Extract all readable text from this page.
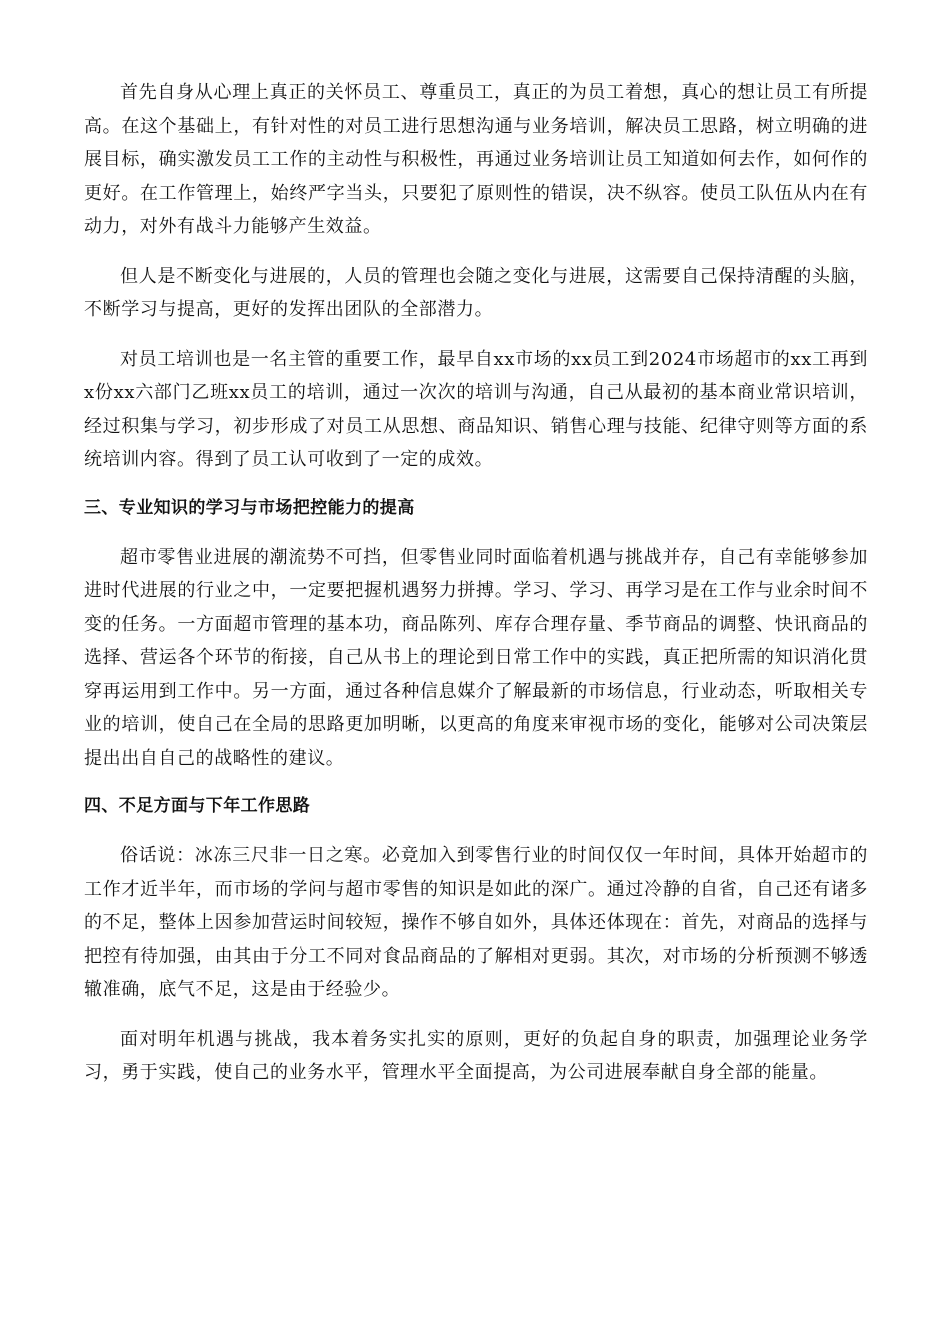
首先自身从心理上真正的关怀员工、尊重员工，真正的为员工着想，真心的想让员工有所提高。在这个基础上，有针对性的对员工进行思想沟通与业务培训，解决员工思路，树立明确的进展目标，确实激发员工工作的主动性与积极性，再通过业务培训让员工知道如何去作，如何作的更好。在工作管理上，始终严字当头，只要犯了原则性的错误，决不纵容。使员工队伍从内在有动力，对外有战斗力能够产生效益。

但人是不断变化与进展的，人员的管理也会随之变化与进展，这需要自己保持清醒的头脑，不断学习与提高，更好的发挥出团队的全部潜力。

对员工培训也是一名主管的重要工作，最早自xx市场的xx员工到2024市场超市的xx工再到x份xx六部门乙班xx员工的培训，通过一次次的培训与沟通，自己从最初的基本商业常识培训，经过积集与学习，初步形成了对员工从思想、商品知识、销售心理与技能、纪律守则等方面的系统培训内容。得到了员工认可收到了一定的成效。

三、专业知识的学习与市场把控能力的提高

超市零售业进展的潮流势不可挡，但零售业同时面临着机遇与挑战并存，自己有幸能够参加进时代进展的行业之中，一定要把握机遇努力拼搏。学习、学习、再学习是在工作与业余时间不变的任务。一方面超市管理的基本功，商品陈列、库存合理存量、季节商品的调整、快讯商品的选择、营运各个环节的衔接，自己从书上的理论到日常工作中的实践，真正把所需的知识消化贯穿再运用到工作中。另一方面，通过各种信息媒介了解最新的市场信息，行业动态，听取相关专业的培训，使自己在全局的思路更加明晰，以更高的角度来审视市场的变化，能够对公司决策层提出出自自己的战略性的建议。

四、不足方面与下年工作思路

俗话说：冰冻三尺非一日之寒。必竟加入到零售行业的时间仅仅一年时间，具体开始超市的工作才近半年，而市场的学问与超市零售的知识是如此的深广。通过冷静的自省，自己还有诸多的不足，整体上因参加营运时间较短，操作不够自如外，具体还体现在：首先，对商品的选择与把控有待加强，由其由于分工不同对食品商品的了解相对更弱。其次，对市场的分析预测不够透辙准确，底气不足，这是由于经验少。

面对明年机遇与挑战，我本着务实扎实的原则，更好的负起自身的职责，加强理论业务学习，勇于实践，使自己的业务水平，管理水平全面提高，为公司进展奉献自身全部的能量。
